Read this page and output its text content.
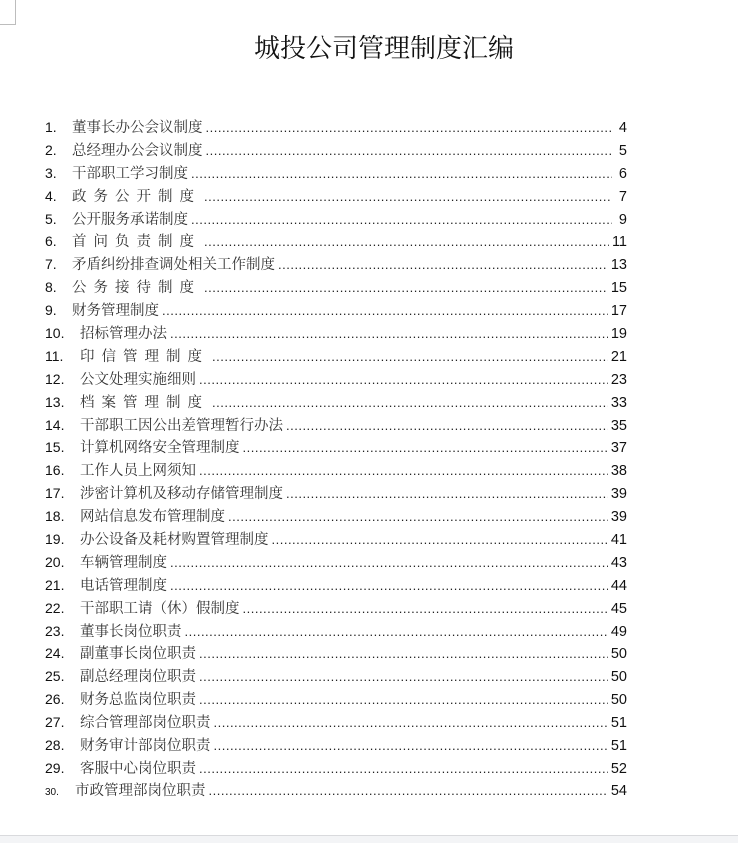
城投公司管理制度汇编
1.	董事长办公会议制度 .....	4
2.	总经理办公会议制度 .....	5
3.	干部职工学习制度 .....	6
4.	政务公开制度 .....	7
5.	公开服务承诺制度 .....	9
6.	首问负责制度 .....	11
7.	矛盾纠纷排查调处相关工作制度 .....	13
8.	公务接待制度 .....	15
9.	财务管理制度 .....	17
10.	招标管理办法 .....	19
11.	印信管理制度 .....	21
12.	公文处理实施细则 .....	23
13.	档案管理制度 .....	33
14.	干部职工因公出差管理暂行办法 .....	35
15.	计算机网络安全管理制度 .....	37
16.	工作人员上网须知 .....	38
17.	涉密计算机及移动存储管理制度 .....	39
18.	网站信息发布管理制度 .....	39
19.	办公设备及耗材购置管理制度 .....	41
20.	车辆管理制度 .....	43
21.	电话管理制度 .....	44
22.	干部职工请（休）假制度 .....	45
23.	董事长岗位职责 .....	49
24.	副董事长岗位职责 .....	50
25.	副总经理岗位职责 .....	50
26.	财务总监岗位职责 .....	50
27.	综合管理部岗位职责 .....	51
28.	财务审计部岗位职责 .....	51
29.	客服中心岗位职责 .....	52
30.	市政管理部岗位职责 .....	54
